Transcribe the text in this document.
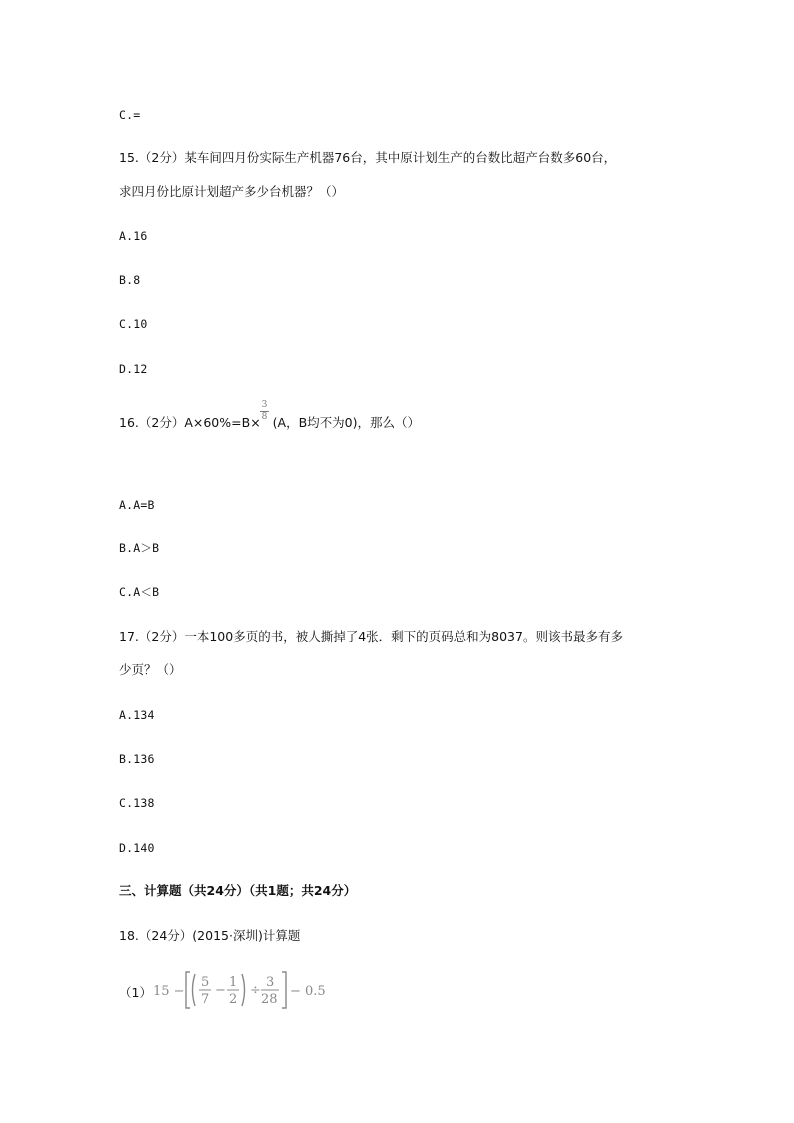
C.=
15.（2分）某车间四月份实际生产机器76台，其中原计划生产的台数比超产台数多60台，
求四月份比原计划超产多少台机器？（）
A.16
B.8
C.10
D.12
16.（2分）A×60%=B× (A，B均不为0)，那么（）
3
8
A.A=B
B.A＞B
C.A＜B
17.（2分）一本100多页的书，被人撕掉了4张．剩下的页码总和为8037。则该书最多有多
少页？（）
A.134
B.136
C.138
D.140
三、计算题（共24分）（共1题；共24分）
18.（24分）(2015·深圳)计算题
（1） 15 −
5
7
−
1
2
÷
3
28
− 0.5
